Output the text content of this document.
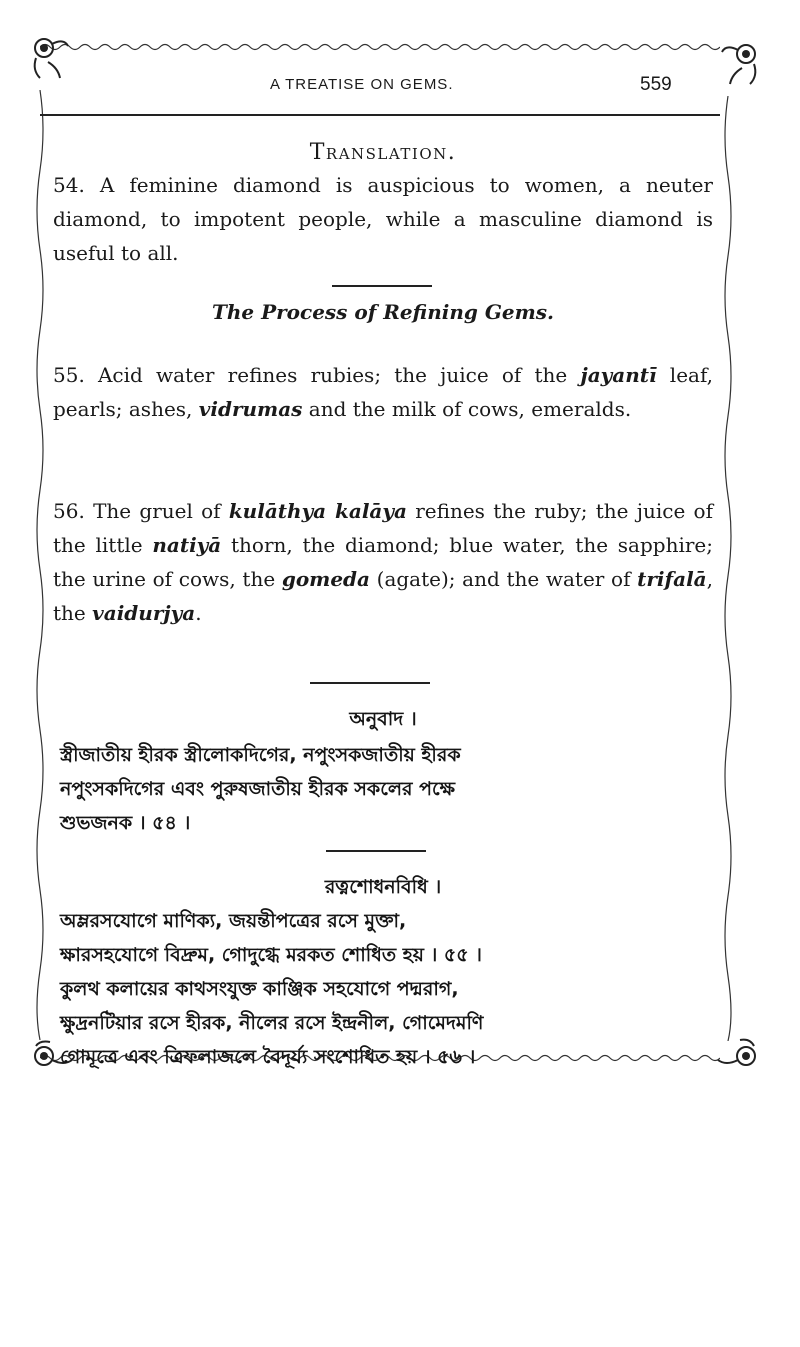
A TREATISE ON GEMS.	559
Translation.
54. A feminine diamond is auspicious to women, a neuter diamond, to impotent people, while a masculine diamond is useful to all.
The Process of Refining Gems.
55. Acid water refines rubies; the juice of the jayantī leaf, pearls; ashes, vidrumas and the milk of cows, emeralds.
56. The gruel of kulāthya kalāya refines the ruby; the juice of the little natiyā thorn, the diamond; blue water, the sapphire; the urine of cows, the gomeda (agate); and the water of trifalā, the vaidurjya.
অনুবাদ ।
স্ত্রীজাতীয় হীরক স্ত্রীলোকদিগের, নপুংসকজাতীয় হীরক
নপুংসকদিগের এবং পুরুষজাতীয় হীরক সকলের পক্ষে
শুভজনক । ৫৪ ।
রত্নশোধনবিধি ।
অম্লরসযোগে মাণিক্য, জয়ন্তীপত্রের রসে মুক্তা,
ক্ষারসহযোগে বিদ্রুম, গোদুগ্ধে মরকত শোধিত হয় । ৫৫ ।
কুলথ কলায়ের কাথসংযুক্ত কাঞ্জিক সহযোগে পদ্মরাগ,
ক্ষুদ্রনটিয়ার রসে হীরক, নীলের রসে ইন্দ্রনীল, গোমেদমণি
গোমূত্রে এবং ত্রিফলাজলে বৈদূর্য্য সংশোধিত হয় । ৫৬ ।
